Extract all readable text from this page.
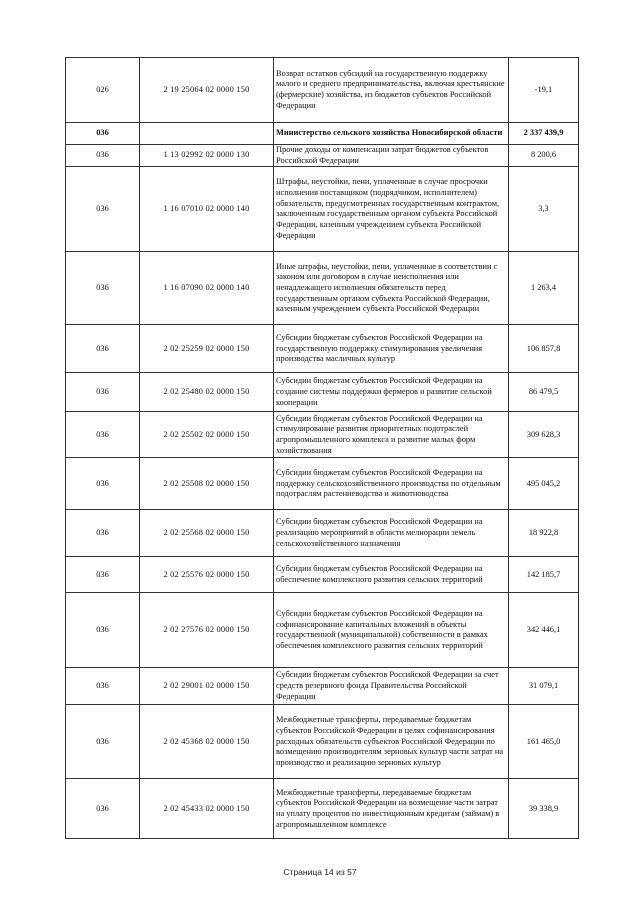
026	2 19 25064 02 0000 150	Возврат остатков субсидий на государственную поддержку малого и среднего предпринимательства, включая крестьянские (фермерские) хозяйства, из бюджетов субъектов Российской Федерации	-19,1
036		Министерство сельского хозяйства Новосибирской области	2 337 439,9
036	1 13 02992 02 0000 130	Прочие доходы от компенсации затрат бюджетов субъектов Российской Федерации	8 200,6
036	1 16 07010 02 0000 140	Штрафы, неустойки, пени, уплаченные в случае просрочки исполнения поставщиком (подрядчиком, исполнителем) обязательств, предусмотренных государственным контрактом, заключенным государственным органом субъекта Российской Федерации, казенным учреждением субъекта Российской Федерации	3,3
036	1 16 07090 02 0000 140	Иные штрафы, неустойки, пени, уплаченные в соответствии с законом или договором в случае неисполнения или ненадлежащего исполнения обязательств перед государственным органом субъекта Российской Федерации, казенным учреждением субъекта Российской Федерации	1 263,4
036	2 02 25259 02 0000 150	Субсидии бюджетам субъектов Российской Федерации на государственную поддержку стимулирования увеличения производства масличных культур	106 857,8
036	2 02 25480 02 0000 150	Субсидии бюджетам субъектов Российской Федерации на создание системы поддержки фермеров и развитие сельской кооперации	86 479,5
036	2 02 25502 02 0000 150	Субсидии бюджетам субъектов Российской Федерации на стимулирование развития приоритетных подотраслей агропромышленного комплекса и развитие малых форм хозяйствования	309 628,3
036	2 02 25508 02 0000 150	Субсидии бюджетам субъектов Российской Федерации на поддержку сельскохозяйственного производства по отдельным подотраслям растениеводства и животноводства	495 045,2
036	2 02 25568 02 0000 150	Субсидии бюджетам субъектов Российской Федерации на реализацию мероприятий в области мелиорации земель сельскохозяйственного назначения	18 922,8
036	2 02 25576 02 0000 150	Субсидии бюджетам субъектов Российской Федерации на обеспечение комплексного развития сельских территорий	142 185,7
036	2 02 27576 02 0000 150	Субсидии бюджетам субъектов Российской Федерации на софинансирование капитальных вложений в объекты государственной (муниципальной) собственности в рамках обеспечения комплексного развития сельских территорий	342 446,1
036	2 02 29001 02 0000 150	Субсидии бюджетам субъектов Российской Федерации за счет средств резервного фонда Правительства Российской Федерации	31 079,1
036	2 02 45368 02 0000 150	Межбюджетные трансферты, передаваемые бюджетам субъектов Российской Федерации в целях софинансирования расходных обязательств субъектов Российской Федерации по возмещению производителям зерновых культур части затрат на производство и реализацию зерновых культур	161 465,0
036	2 02 45433 02 0000 150	Межбюджетные трансферты, передаваемые бюджетам субъектов Российской Федерации на возмещение части затрат на уплату процентов по инвестиционным кредитам (займам) в агропромышленном комплексе	39 338,9
Страница 14 из 57
